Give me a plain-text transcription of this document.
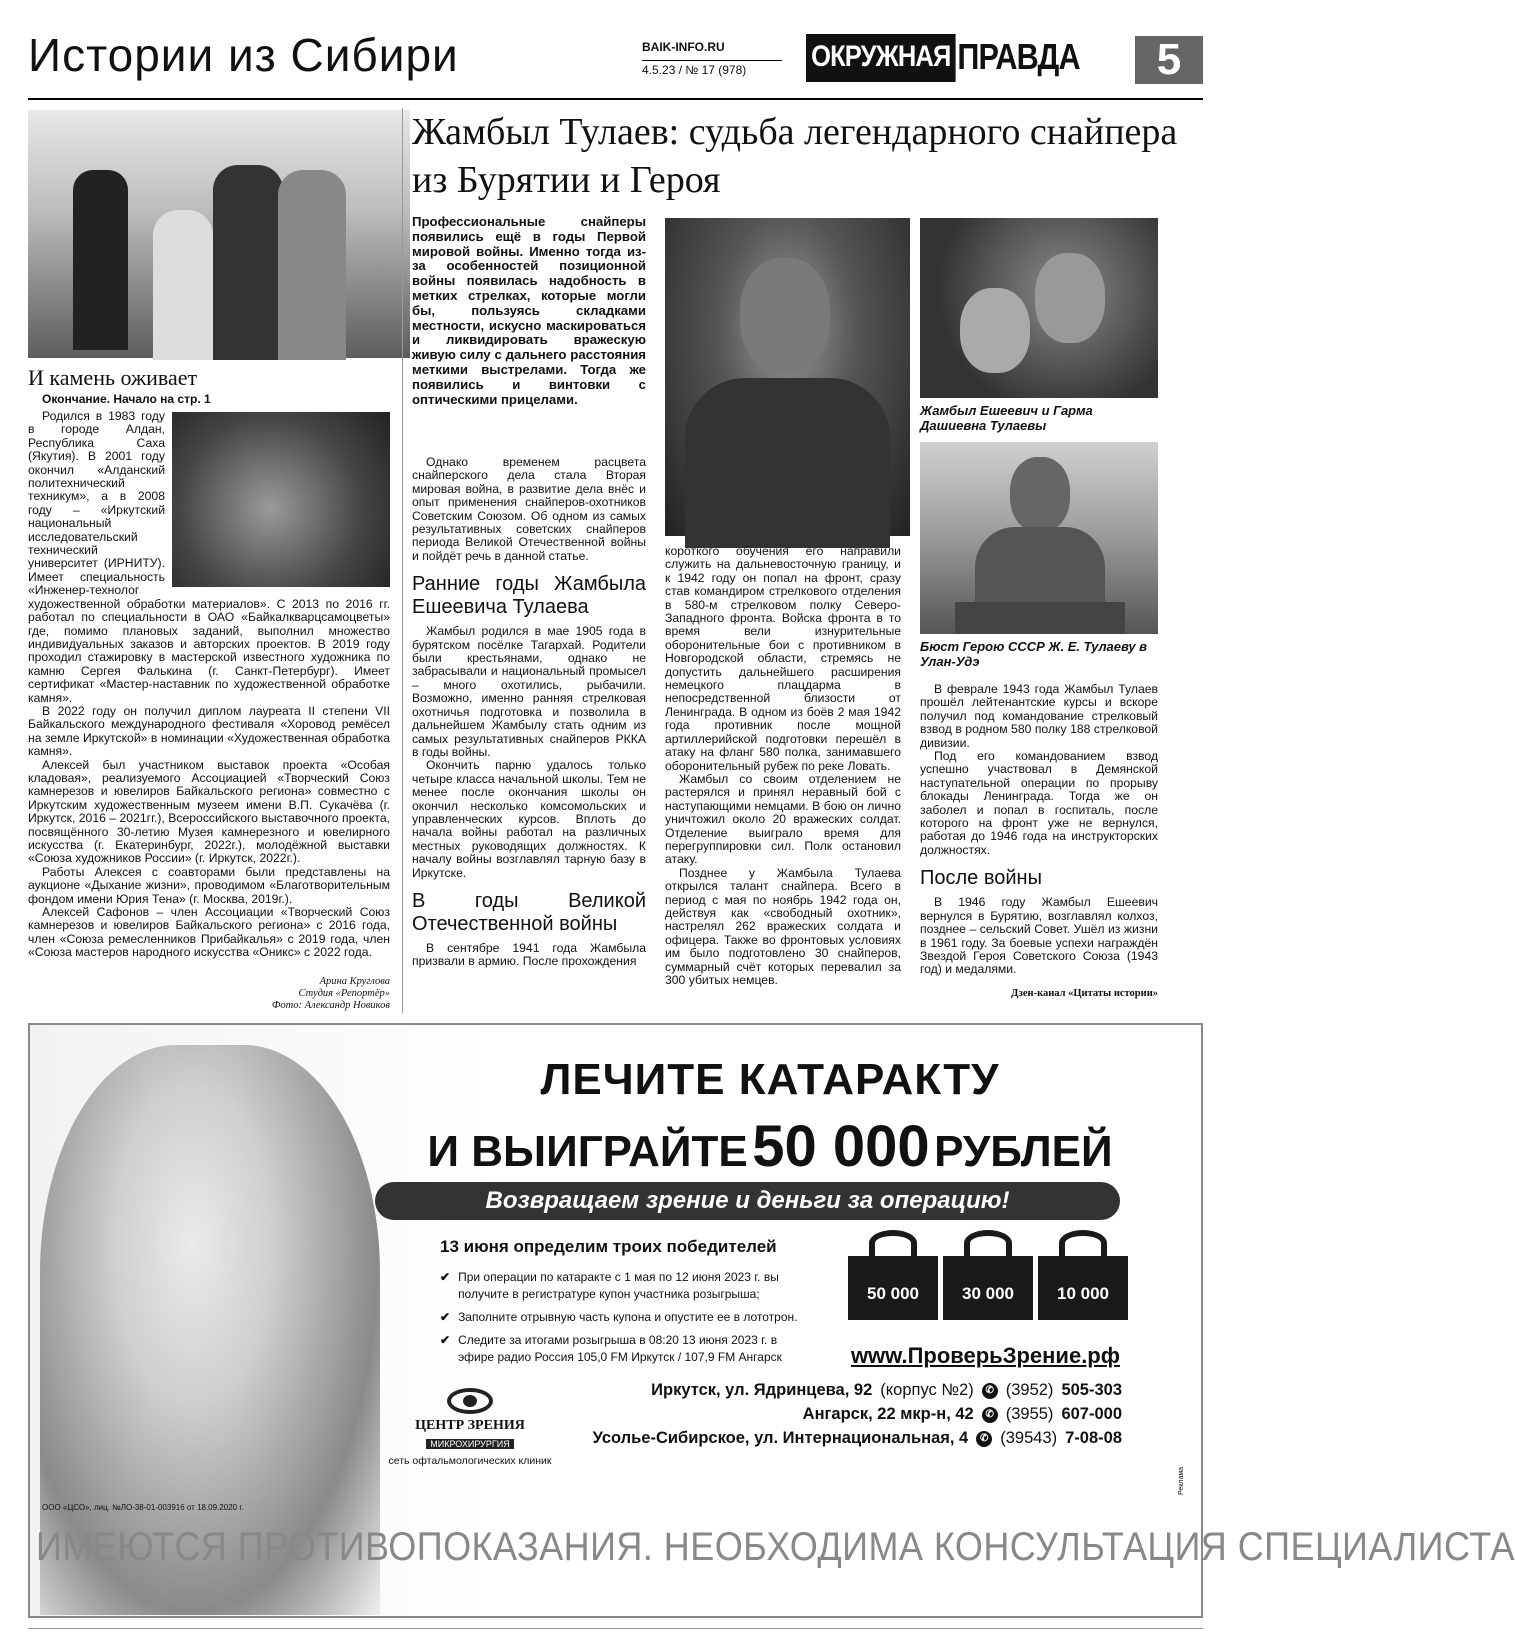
Истории из Сибири	BAIK-INFO.RU
4.5.23 / № 17 (978)	ОКРУЖНАЯ ПРАВДА	5
И камень оживает
Окончание. Начало на стр. 1

Родился в 1983 году в городе Алдан, Республика Саха (Якутия). В 2001 году окончил «Алданский политехнический техникум», а в 2008 году – «Иркутский национальный исследовательский технический университет (ИРНИТУ). Имеет специальность «Инженер-технолог художественной обработки материалов». С 2013 по 2016 гг. работал по специальности в ОАО «Байкалкварцсамоцветы» где, помимо плановых заданий, выполнил множество индивидуальных заказов и авторских проектов. В 2019 году проходил стажировку в мастерской известного художника по камню Сергея Фалькина (г. Санкт-Петербург). Имеет сертификат «Мастер-наставник по художественной обработке камня».

В 2022 году он получил диплом лауреата II степени VII Байкальского международного фестиваля «Хоровод ремёсел на земле Иркутской» в номинации «Художественная обработка камня».

Алексей был участником выставок проекта «Особая кладовая», реализуемого Ассоциацией «Творческий Союз камнерезов и ювелиров Байкальского региона» совместно с Иркутским художественным музеем имени В.П. Сукачёва (г. Иркутск, 2016 – 2021гг.), Всероссийского выставочного проекта, посвящённого 30-летию Музея камнерезного и ювелирного искусства (г. Екатеринбург, 2022г.), молодёжной выставки «Союза художников России» (г. Иркутск, 2022г.).

Работы Алексея с соавторами были представлены на аукционе «Дыхание жизни», проводимом «Благотворительным фондом имени Юрия Тена» (г. Москва, 2019г.).

Алексей Сафонов – член Ассоциации «Творческий Союз камнерезов и ювелиров Байкальского региона» с 2016 года, член «Союза ремесленников Прибайкалья» с 2019 года, член «Союза мастеров народного искусства «Оникс» с 2022 года.

Арина Круглова
Студия «Репортёр»
Фото: Александр Новиков
Жамбыл Тулаев: судьба легендарного снайпера из Бурятии и Героя
Профессиональные снайперы появились ещё в годы Первой мировой войны. Именно тогда из-за особенностей позиционной войны появилась надобность в метких стрелках, которые могли бы, пользуясь складками местности, искусно маскироваться и ликвидировать вражескую живую силу с дальнего расстояния меткими выстрелами. Тогда же появились и винтовки с оптическими прицелами.

Однако временем расцвета снайперского дела стала Вторая мировая война, в развитие дела внёс и опыт применения снайперов-охотников Советским Союзом. Об одном из самых результативных советских снайперов периода Великой Отечественной войны и пойдёт речь в данной статье.

Ранние годы Жамбыла Ешеевича Тулаева

Жамбыл родился в мае 1905 года в бурятском посёлке Тагархай. Родители были крестьянами, однако не забрасывали и национальный промысел – много охотились, рыбачили. Возможно, именно ранняя стрелковая охотничья подготовка и позволила в дальнейшем Жамбылу стать одним из самых результативных снайперов РККА в годы войны.

Окончить парню удалось только четыре класса начальной школы. Тем не менее после окончания школы он окончил несколько комсомольских и управленческих курсов. Вплоть до начала войны работал на различных местных руководящих должностях. К началу войны возглавлял тарную базу в Иркутске.

В годы Великой Отечественной войны

В сентябре 1941 года Жамбыла призвали в армию. После прохождения

короткого обучения его направили служить на дальневосточную границу, и к 1942 году он попал на фронт, сразу став командиром стрелкового отделения в 580-м стрелковом полку Северо-Западного фронта. Войска фронта в то время вели изнурительные оборонительные бои с противником в Новгородской области, стремясь не допустить дальнейшего расширения немецкого плацдарма в непосредственной близости от Ленинграда. В одном из боёв 2 мая 1942 года противник после мощной артиллерийской подготовки перешёл в атаку на фланг 580 полка, занимавшего оборонительный рубеж по реке Ловать.

Жамбыл со своим отделением не растерялся и принял неравный бой с наступающими немцами. В бою он лично уничтожил около 20 вражеских солдат. Отделение выиграло время для перегруппировки сил. Полк остановил атаку.

Позднее у Жамбыла Тулаева открылся талант снайпера. Всего в период с мая по ноябрь 1942 года он, действуя как «свободный охотник», настрелял 262 вражеских солдата и офицера. Также во фронтовых условиях им было подготовлено 30 снайперов, суммарный счёт которых перевалил за 300 убитых немцев.

Жамбыл Ешеевич и Гарма Дашиевна Тулаевы
Бюст Герою СССР Ж. Е. Тулаеву в Улан-Удэ

В феврале 1943 года Жамбыл Тулаев прошёл лейтенантские курсы и вскоре получил под командование стрелковый взвод в родном 580 полку 188 стрелковой дивизии.

Под его командованием взвод успешно участвовал в Демянской наступательной операции по прорыву блокады Ленинграда. Тогда же он заболел и попал в госпиталь, после которого на фронт уже не вернулся, работая до 1946 года на инструкторских должностях.

После войны

В 1946 году Жамбыл Ешеевич вернулся в Бурятию, возглавлял колхоз, позднее – сельский Совет. Ушёл из жизни в 1961 году. За боевые успехи награждён Звездой Героя Советского Союза (1943 год) и медалями.

Дзен-канал «Цитаты истории»
ЛЕЧИТЕ КАТАРАКТУ
И ВЫИГРАЙТЕ 50 000 РУБЛЕЙ
Возвращаем зрение и деньги за операцию!
13 июня определим троих победителей
✔ При операции по катаракте с 1 мая по 12 июня 2023 г. вы получите в регистратуре купон участника розыгрыша;
✔ Заполните отрывную часть купона и опустите ее в лототрон.
✔ Следите за итогами розыгрыша в 08:20 13 июня 2023 г. в эфире радио Россия 105,0 FM Иркутск / 107,9 FM Ангарск
50 000	30 000	10 000
www.ПроверьЗрение.рф
Иркутск, ул. Ядринцева, 92 (корпус №2)	✆ (3952) 505-303
Ангарск, 22 мкр-н, 42	✆ (3955) 607-000
Усолье-Сибирское, ул. Интернациональная, 4	✆ (39543) 7-08-08
ЦЕНТР ЗРЕНИЯ
МИКРОХИРУРГИЯ
сеть офтальмологических клиник
ООО «ЦСО», лиц. №ЛО-38-01-003916 от 18.09.2020 г.
ИМЕЮТСЯ ПРОТИВОПОКАЗАНИЯ. НЕОБХОДИМА КОНСУЛЬТАЦИЯ СПЕЦИАЛИСТА
Реклама
